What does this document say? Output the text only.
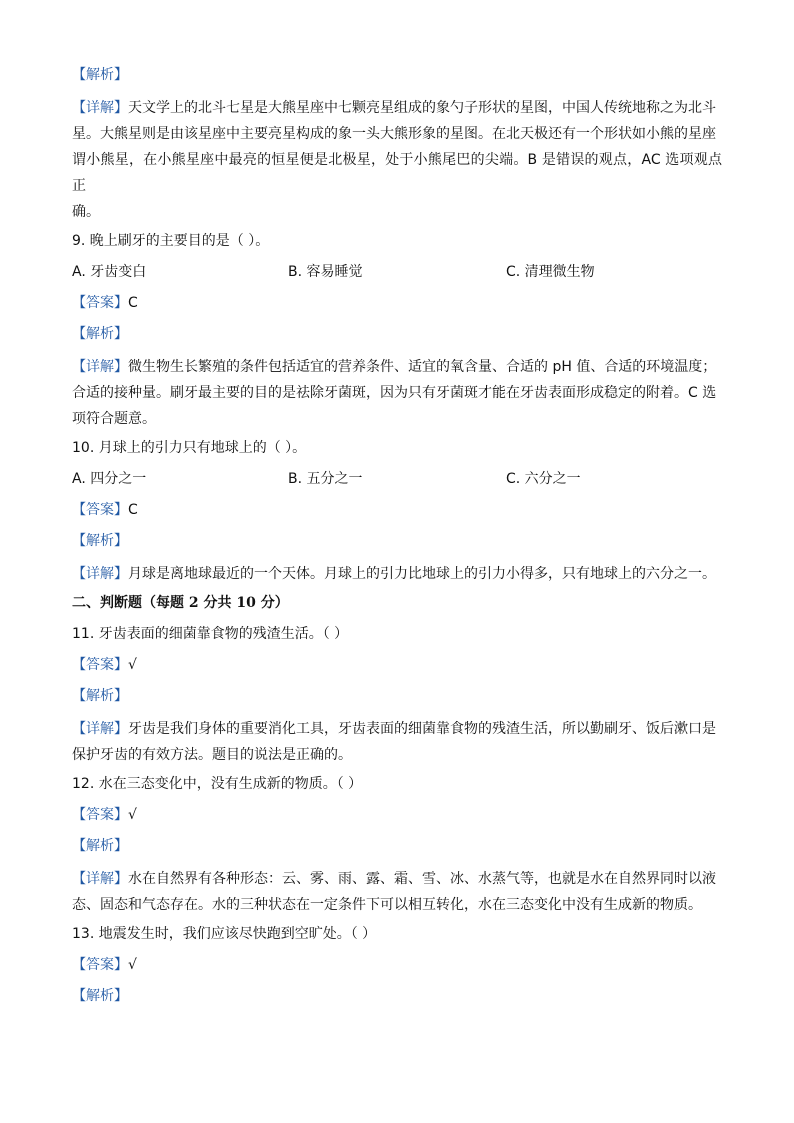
【解析】
【详解】天文学上的北斗七星是大熊星座中七颗亮星组成的象勺子形状的星图，中国人传统地称之为北斗
星。大熊星则是由该星座中主要亮星构成的象一头大熊形象的星图。在北天极还有一个形状如小熊的星座
谓小熊星，在小熊星座中最亮的恒星便是北极星，处于小熊尾巴的尖端。B 是错误的观点，AC 选项观点正
确。
9. 晚上刷牙的主要目的是（ ）。
A. 牙齿变白	B. 容易睡觉	C. 清理微生物
【答案】C
【解析】
【详解】微生物生长繁殖的条件包括适宜的营养条件、适宜的氧含量、合适的 pH 值、合适的环境温度；
合适的接种量。刷牙最主要的目的是祛除牙菌斑，因为只有牙菌斑才能在牙齿表面形成稳定的附着。C 选
项符合题意。
10. 月球上的引力只有地球上的（ ）。
A. 四分之一	B. 五分之一	C. 六分之一
【答案】C
【解析】
【详解】月球是离地球最近的一个天体。月球上的引力比地球上的引力小得多，只有地球上的六分之一。
二、判断题（每题 2 分共 10 分）
11. 牙齿表面的细菌靠食物的残渣生活。（ ）
【答案】√
【解析】
【详解】牙齿是我们身体的重要消化工具，牙齿表面的细菌靠食物的残渣生活，所以勤刷牙、饭后漱口是
保护牙齿的有效方法。题目的说法是正确的。
12. 水在三态变化中，没有生成新的物质。（ ）
【答案】√
【解析】
【详解】水在自然界有各种形态：云、雾、雨、露、霜、雪、冰、水蒸气等，也就是水在自然界同时以液
态、固态和气态存在。水的三种状态在一定条件下可以相互转化，水在三态变化中没有生成新的物质。
13. 地震发生时，我们应该尽快跑到空旷处。（ ）
【答案】√
【解析】
